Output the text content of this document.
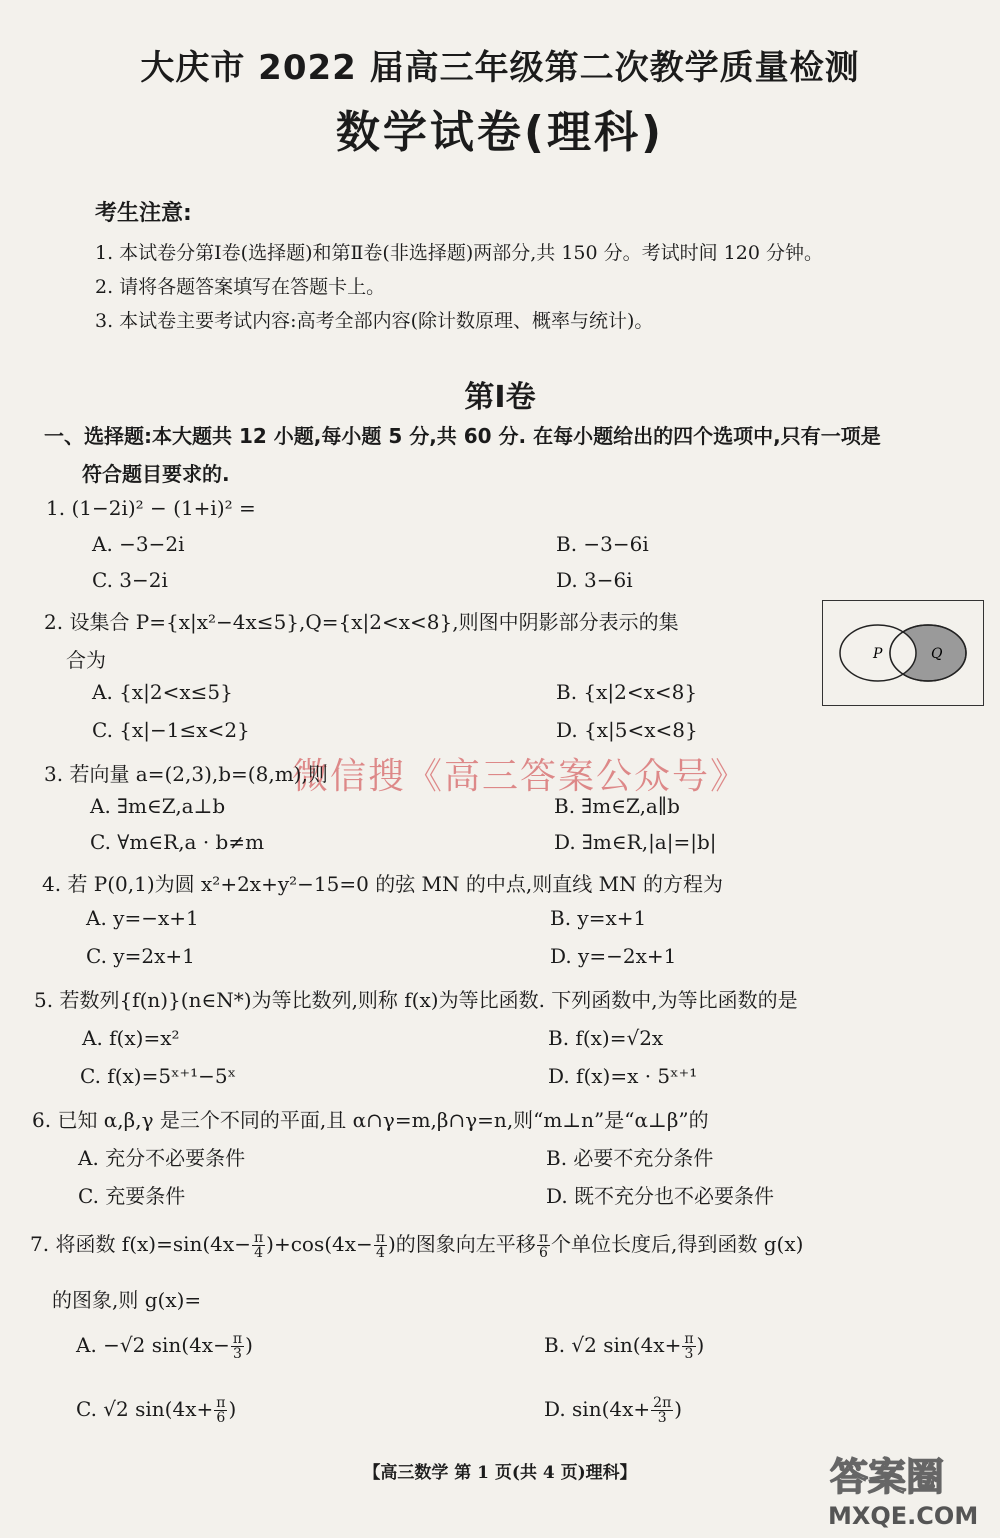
大庆市 2022 届高三年级第二次教学质量检测
数学试卷(理科)
考生注意:
1. 本试卷分第Ⅰ卷(选择题)和第Ⅱ卷(非选择题)两部分,共 150 分。考试时间 120 分钟。
2. 请将各题答案填写在答题卡上。
3. 本试卷主要考试内容:高考全部内容(除计数原理、概率与统计)。
第Ⅰ卷
一、选择题:本大题共 12 小题,每小题 5 分,共 60 分. 在每小题给出的四个选项中,只有一项是
符合题目要求的.
1. (1−2i)² − (1+i)² =
A. −3−2i	B. −3−6i
C. 3−2i	D. 3−6i
2. 设集合 P={x|x²−4x≤5},Q={x|2<x<8},则图中阴影部分表示的集
合为
A. {x|2<x≤5}	B. {x|2<x<8}
C. {x|−1≤x<2}	D. {x|5<x<8}
P	Q
微信搜《高三答案公众号》
3. 若向量 a=(2,3),b=(8,m),则
A. ∃m∈Z,a⊥b	B. ∃m∈Z,a∥b
C. ∀m∈R,a · b≠m	D. ∃m∈R,|a|=|b|
4. 若 P(0,1)为圆 x²+2x+y²−15=0 的弦 MN 的中点,则直线 MN 的方程为
A. y=−x+1	B. y=x+1
C. y=2x+1	D. y=−2x+1
5. 若数列{f(n)}(n∈N*)为等比数列,则称 f(x)为等比函数. 下列函数中,为等比函数的是
A. f(x)=x²	B. f(x)=√2x
C. f(x)=5ˣ⁺¹−5ˣ	D. f(x)=x · 5ˣ⁺¹
6. 已知 α,β,γ 是三个不同的平面,且 α∩γ=m,β∩γ=n,则“m⊥n”是“α⊥β”的
A. 充分不必要条件	B. 必要不充分条件
C. 充要条件	D. 既不充分也不必要条件
7. 将函数 $f(x)=\sin(4x- \frac{\pi}{4} )+\cos(4x- \frac{\pi}{4}$ )的图象向左平移 $\frac{\pi}{6}$ 个单位长度后,得到函数 g(x)
的图象,则 g(x)=
A. −√2 $\sin(4x- \frac{\pi}{3}$ )	B. √2 $\sin(4x+ \frac{\pi}{3}$ )
C. √2 $\sin(4x+ \frac{\pi}{6}$ )	D. $\sin(4x+ \frac{2\pi}{3}$ )
【高三数学 第 1 页(共 4 页)理科】	答案圈
MXQE.COM
